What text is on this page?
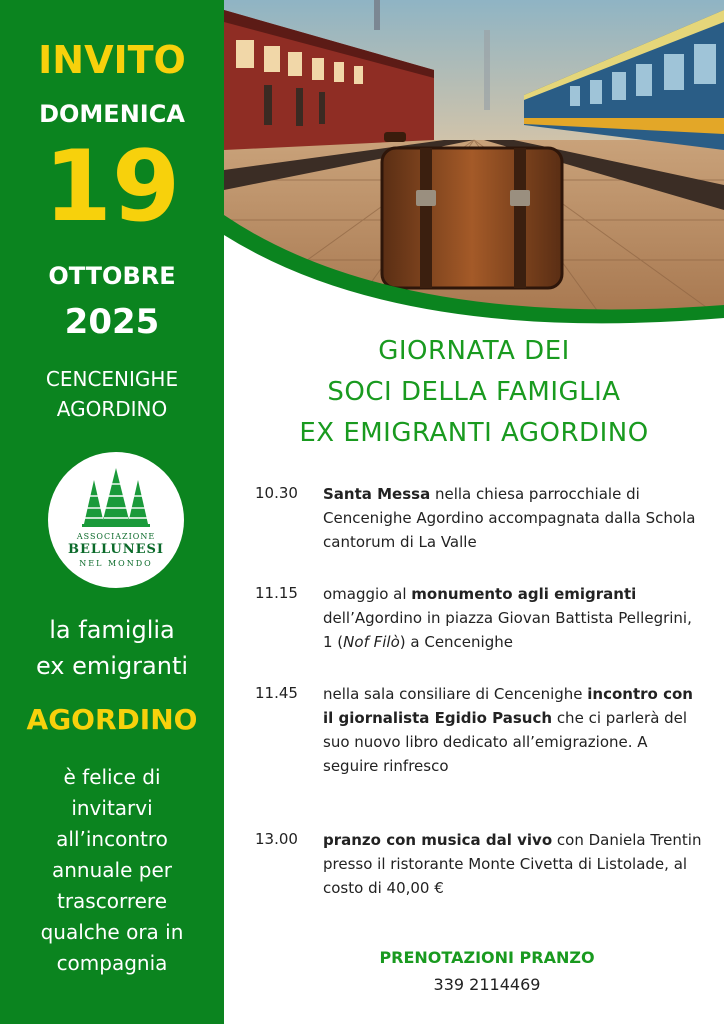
INVITO
DOMENICA
19
OTTOBRE
2025
CENCENIGHE
AGORDINO
ASSOCIAZIONE
BELLUNESI
NEL MONDO
la famiglia
ex emigranti
AGORDINO
è felice di
invitarvi
all’incontro
annuale per
trascorrere
qualche ora in
compagnia
GIORNATA DEI
SOCI DELLA FAMIGLIA
EX EMIGRANTI AGORDINO
10.30 Santa Messa nella chiesa parrocchiale di Cencenighe Agordino accompagnata dalla Schola cantorum di La Valle
11.15 omaggio al monumento agli emigranti dell’Agordino in piazza Giovan Battista Pellegrini, 1 (Nof Filò) a Cencenighe
11.45 nella sala consiliare di Cencenighe incontro con il giornalista Egidio Pasuch che ci parlerà del suo nuovo libro dedicato all’emigrazione. A seguire rinfresco
13.00 pranzo con musica dal vivo con Daniela Trentin presso il ristorante Monte Civetta di Listolade, al costo di 40,00 €
PRENOTAZIONI PRANZO
339 2114469
